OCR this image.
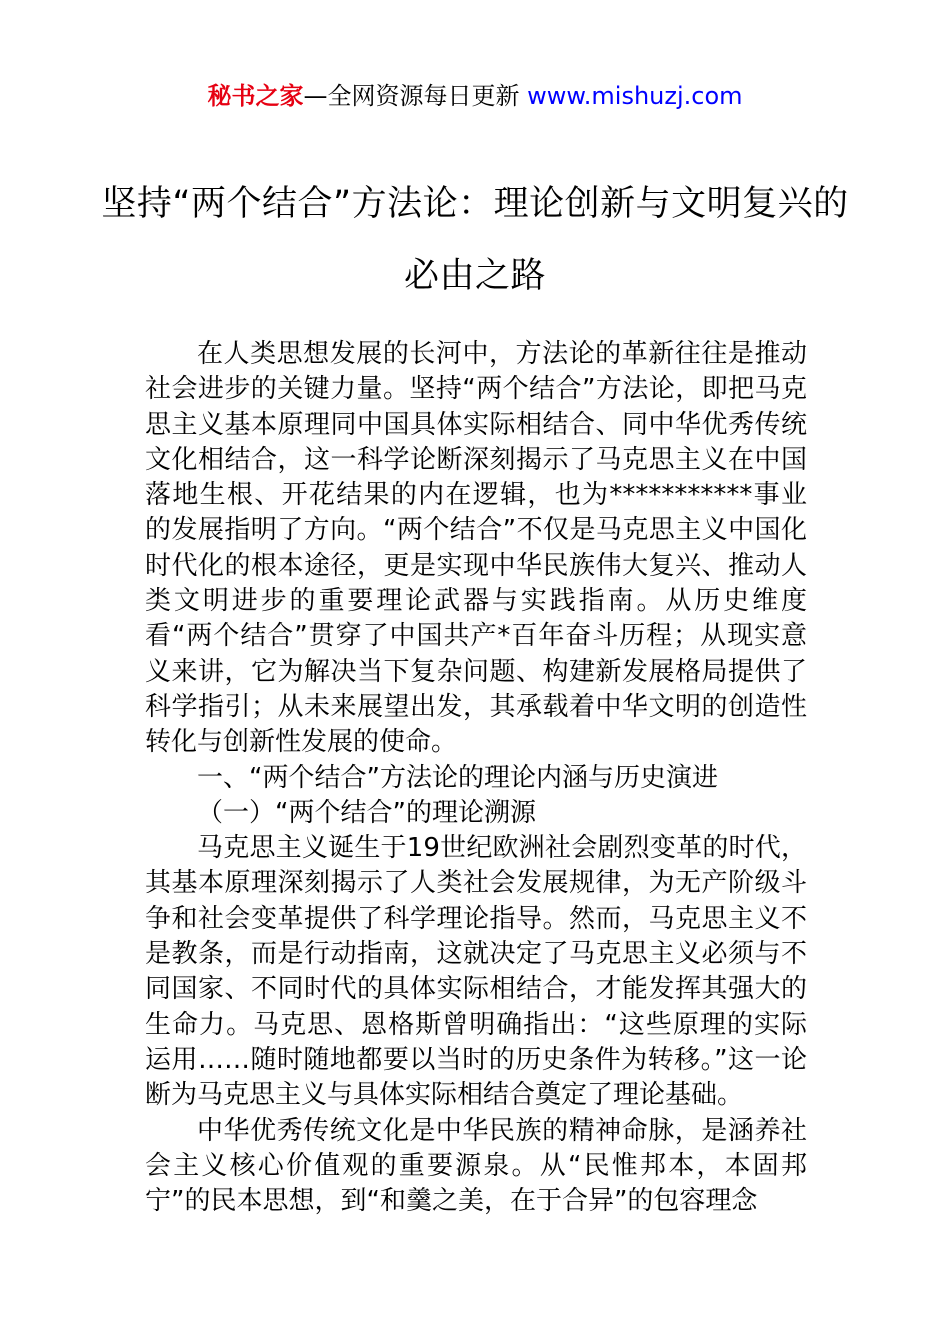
秘书之家—全网资源每日更新 www.mishuzj.com
坚持“两个结合”方法论：理论创新与文明复兴的必由之路

在人类思想发展的长河中，方法论的革新往往是推动社会进步的关键力量。坚持“两个结合”方法论，即把马克思主义基本原理同中国具体实际相结合、同中华优秀传统文化相结合，这一科学论断深刻揭示了马克思主义在中国落地生根、开花结果的内在逻辑，也为***********事业的发展指明了方向。“两个结合”不仅是马克思主义中国化时代化的根本途径，更是实现中华民族伟大复兴、推动人类文明进步的重要理论武器与实践指南。从历史维度看“两个结合”贯穿了中国共产*百年奋斗历程；从现实意义来讲，它为解决当下复杂问题、构建新发展格局提供了科学指引；从未来展望出发，其承载着中华文明的创造性转化与创新性发展的使命。

一、“两个结合”方法论的理论内涵与历史演进

（一）“两个结合”的理论溯源

马克思主义诞生于19世纪欧洲社会剧烈变革的时代，其基本原理深刻揭示了人类社会发展规律，为无产阶级斗争和社会变革提供了科学理论指导。然而，马克思主义不是教条，而是行动指南，这就决定了马克思主义必须与不同国家、不同时代的具体实际相结合，才能发挥其强大的生命力。马克思、恩格斯曾明确指出：“这些原理的实际运用……随时随地都要以当时的历史条件为转移。”这一论断为马克思主义与具体实际相结合奠定了理论基础。

中华优秀传统文化是中华民族的精神命脉，是涵养社会主义核心价值观的重要源泉。从“民惟邦本，本固邦宁”的民本思想，到“和羹之美，在于合异”的包容理念
